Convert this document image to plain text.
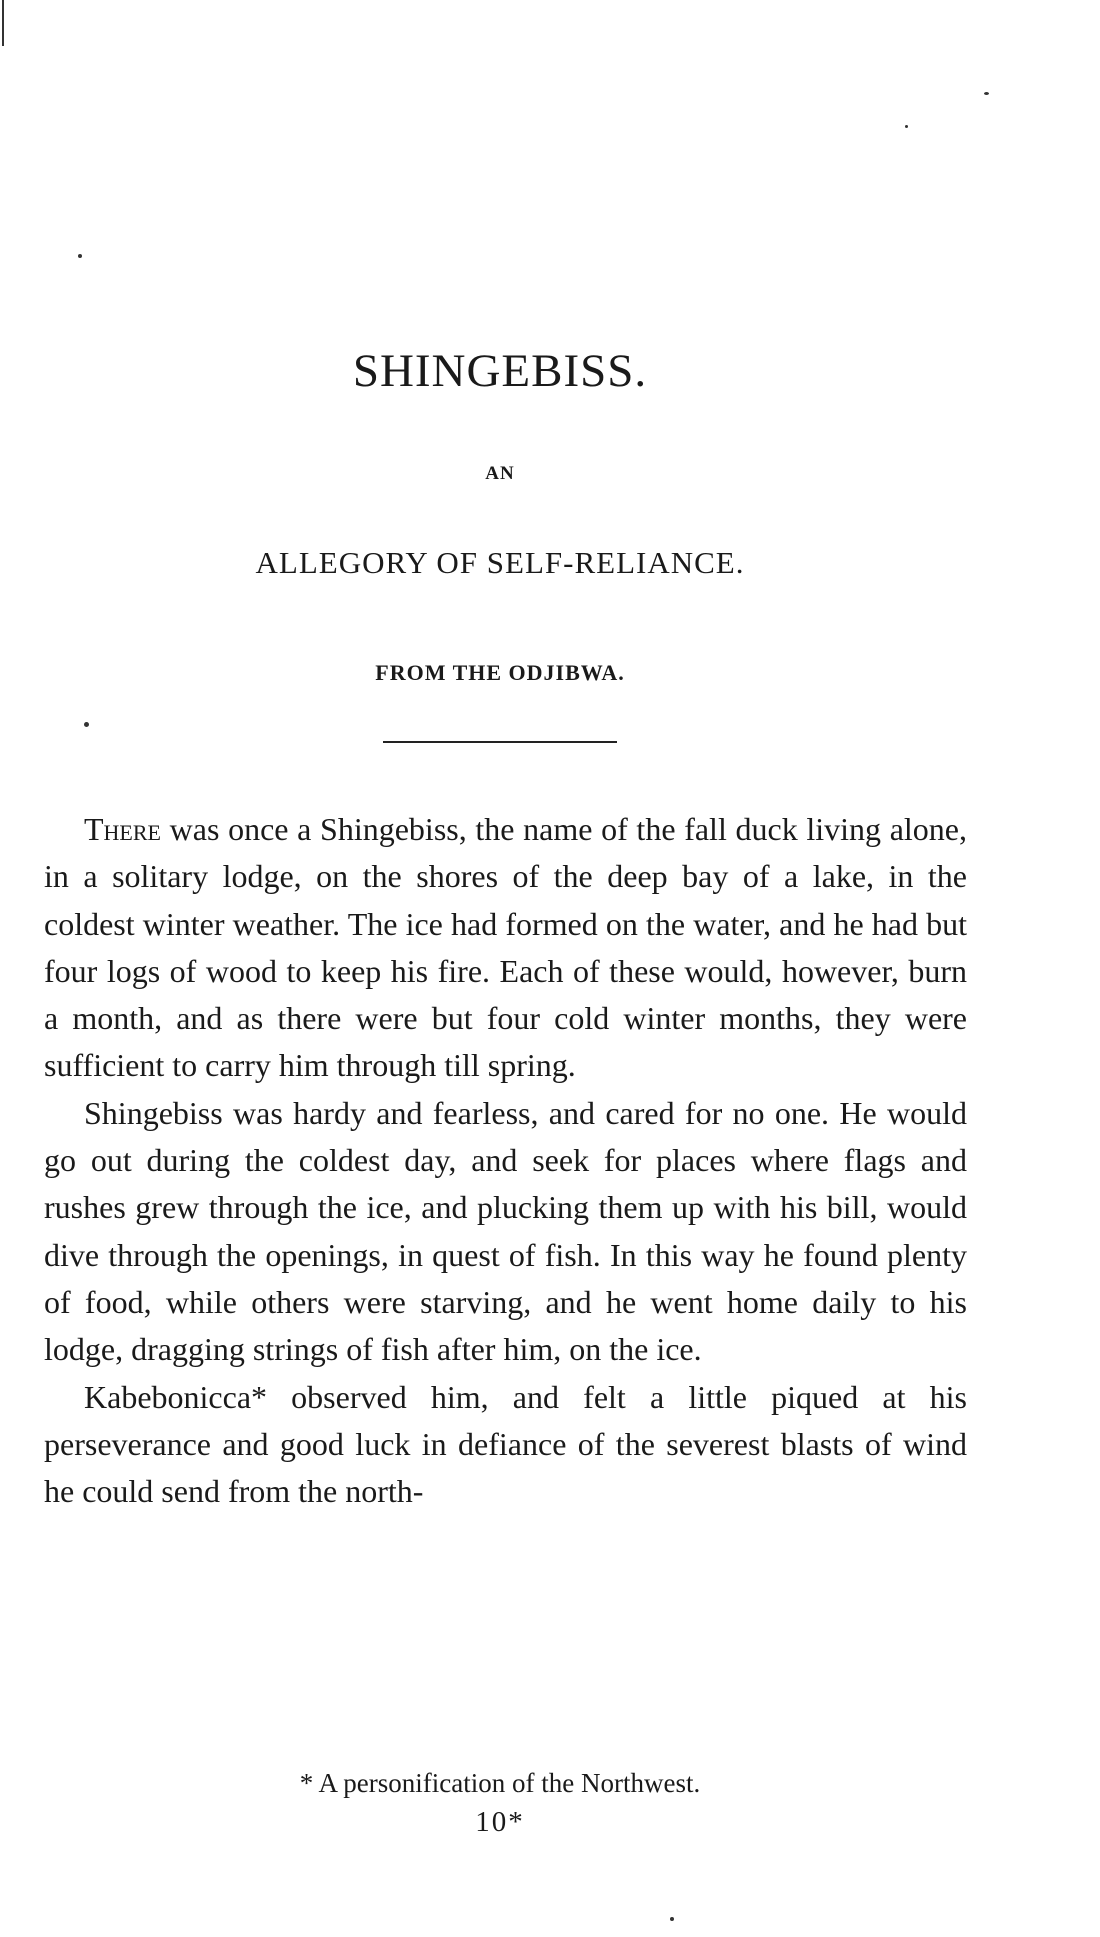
SHINGEBISS.
AN
ALLEGORY OF SELF-RELIANCE.
FROM THE ODJIBWA.

There was once a Shingebiss, the name of the fall duck living alone, in a solitary lodge, on the shores of the deep bay of a lake, in the coldest winter weather. The ice had formed on the water, and he had but four logs of wood to keep his fire. Each of these would, however, burn a month, and as there were but four cold winter months, they were sufficient to carry him through till spring.

Shingebiss was hardy and fearless, and cared for no one. He would go out during the coldest day, and seek for places where flags and rushes grew through the ice, and plucking them up with his bill, would dive through the openings, in quest of fish. In this way he found plenty of food, while others were starving, and he went home daily to his lodge, dragging strings of fish after him, on the ice.

Kabebonicca* observed him, and felt a little piqued at his perseverance and good luck in defiance of the severest blasts of wind he could send from the north-

* A personification of the Northwest.
10*
